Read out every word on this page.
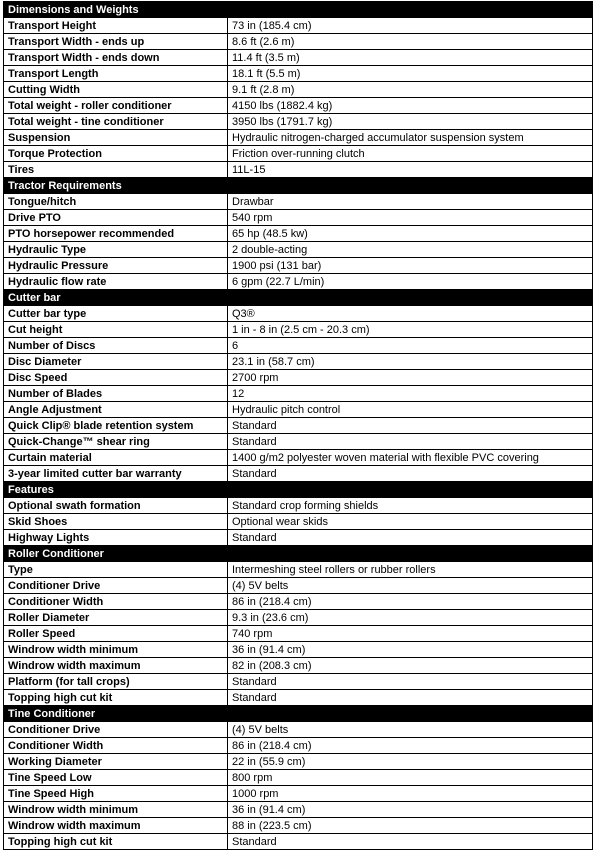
Dimensions and Weights	
Transport Height	73 in (185.4 cm)
Transport Width - ends up	8.6 ft (2.6 m)
Transport Width - ends down	11.4 ft (3.5 m)
Transport Length	18.1 ft (5.5 m)
Cutting Width	9.1 ft (2.8 m)
Total weight - roller conditioner	4150 lbs (1882.4 kg)
Total weight - tine conditioner	3950 lbs (1791.7 kg)
Suspension	Hydraulic nitrogen-charged accumulator suspension system
Torque Protection	Friction over-running clutch
Tires	11L-15
Tractor Requirements	
Tongue/hitch	Drawbar
Drive PTO	540 rpm
PTO horsepower recommended	65 hp (48.5 kw)
Hydraulic Type	2 double-acting
Hydraulic Pressure	1900 psi (131 bar)
Hydraulic flow rate	6 gpm (22.7 L/min)
Cutter bar	
Cutter bar type	Q3®
Cut height	1 in - 8 in (2.5 cm - 20.3 cm)
Number of Discs	6
Disc Diameter	23.1 in (58.7 cm)
Disc Speed	2700 rpm
Number of Blades	12
Angle Adjustment	Hydraulic pitch control
Quick Clip® blade retention system	Standard
Quick-Change™ shear ring	Standard
Curtain material	1400 g/m2 polyester woven material with flexible PVC covering
3-year limited cutter bar warranty	Standard
Features	
Optional swath formation	Standard crop forming shields
Skid Shoes	Optional wear skids
Highway Lights	Standard
Roller Conditioner	
Type	Intermeshing steel rollers or rubber rollers
Conditioner Drive	(4) 5V belts
Conditioner Width	86 in (218.4 cm)
Roller Diameter	9.3 in (23.6 cm)
Roller Speed	740 rpm
Windrow width minimum	36 in (91.4 cm)
Windrow width maximum	82 in (208.3 cm)
Platform (for tall crops)	Standard
Topping high cut kit	Standard
Tine Conditioner	
Conditioner Drive	(4) 5V belts
Conditioner Width	86 in (218.4 cm)
Working Diameter	22 in (55.9 cm)
Tine Speed Low	800 rpm
Tine Speed High	1000 rpm
Windrow width minimum	36 in (91.4 cm)
Windrow width maximum	88 in (223.5 cm)
Topping high cut kit	Standard
